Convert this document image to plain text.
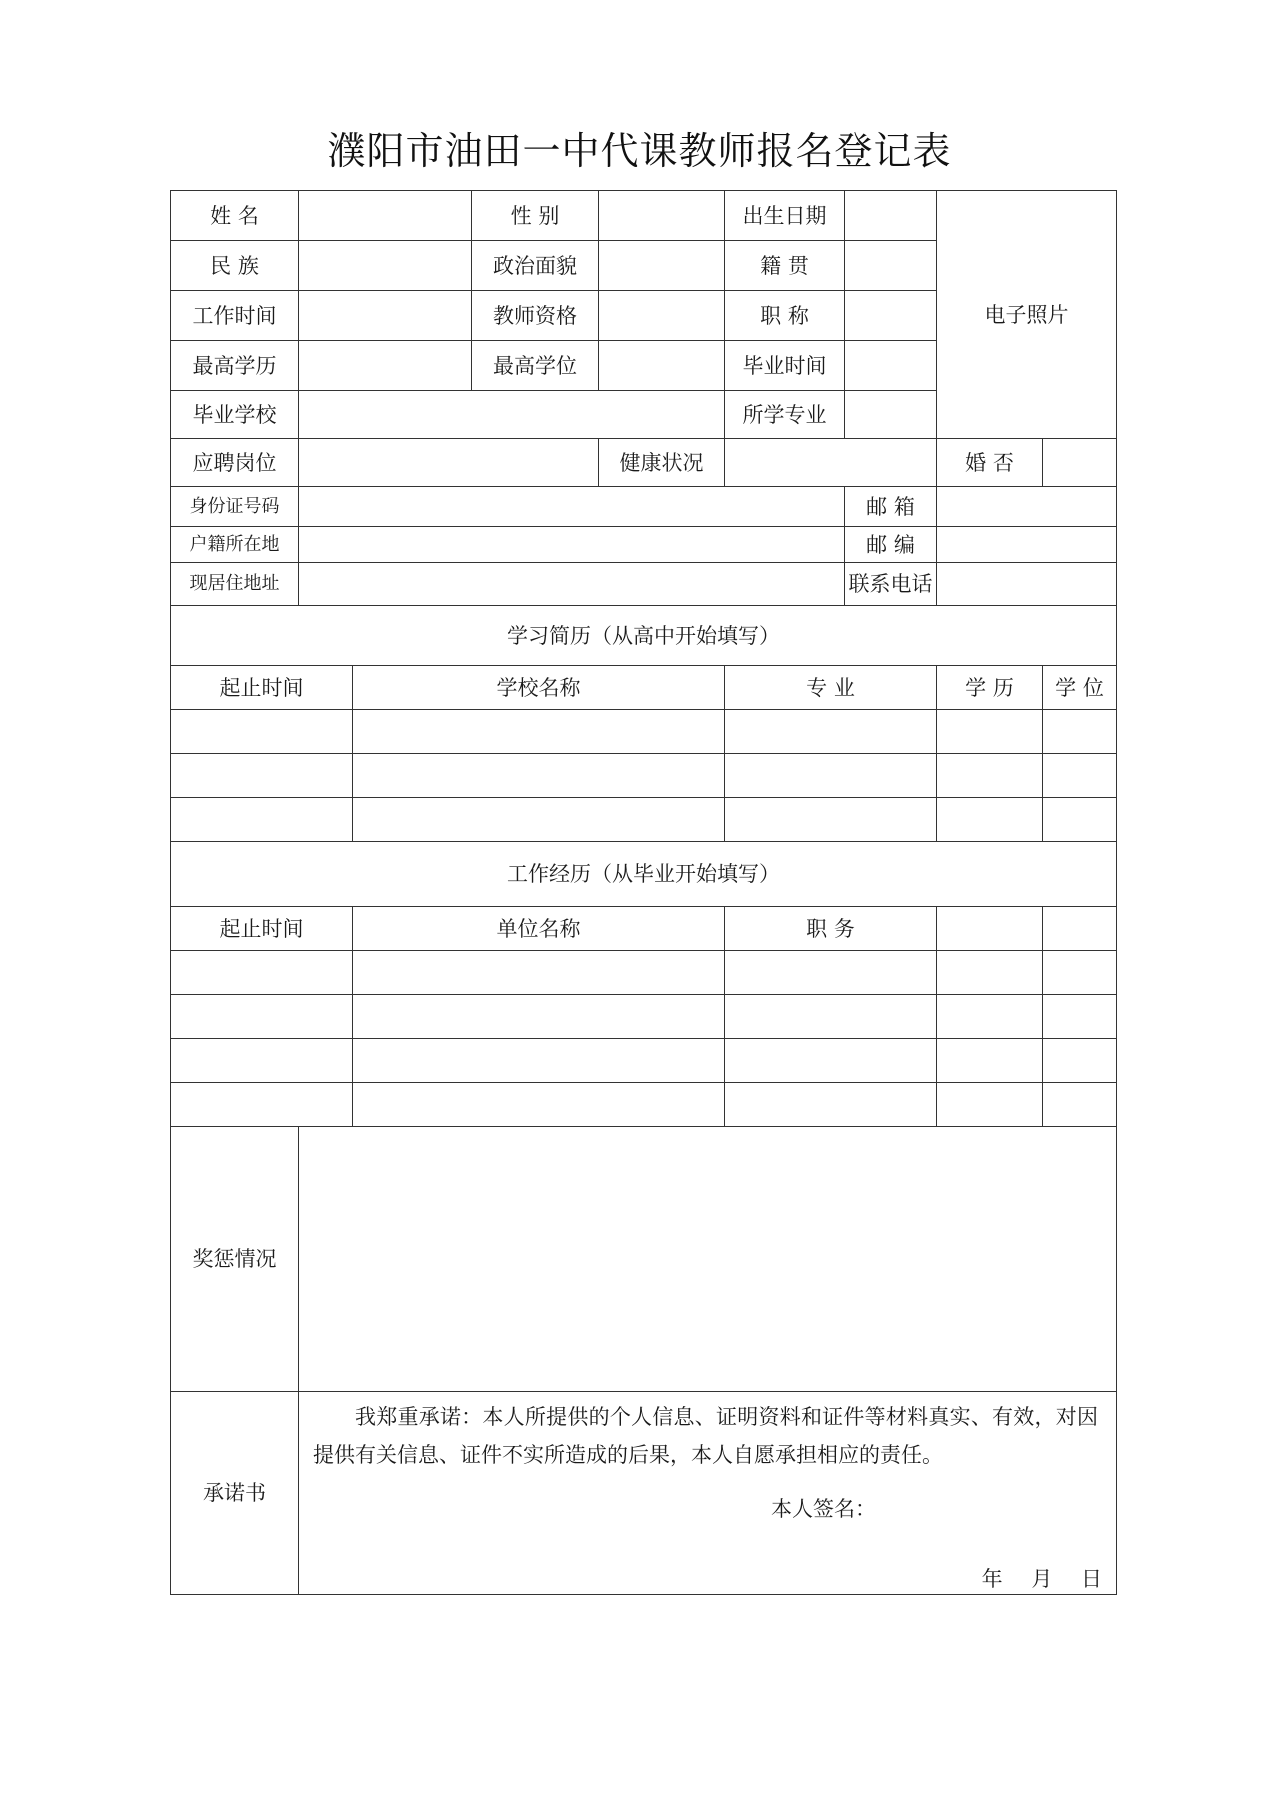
濮阳市油田一中代课教师报名登记表
姓 名			性 别		出生日期		电子照片	
民 族			政治面貌		籍 贯			
工作时间			教师资格		职 称			
最高学历			最高学位		毕业时间			
毕业学校					所学专业			
应聘岗位				健康状况			婚 否	
身份证号码						邮 箱		
户籍所在地						邮 编		
现居住地址						联系电话		
学习简历（从高中开始填写）								
起止时间		学校名称			专 业		学 历	学 位

工作经历（从毕业开始填写）								
起止时间		单位名称			职 务			

奖惩情况								
承诺书	我郑重承诺：本人所提供的个人信息、证明资料和证件等材料真实、有效，对因提供有关信息、证件不实所造成的后果，本人自愿承担相应的责任。
本人签名：
年 月 日							
